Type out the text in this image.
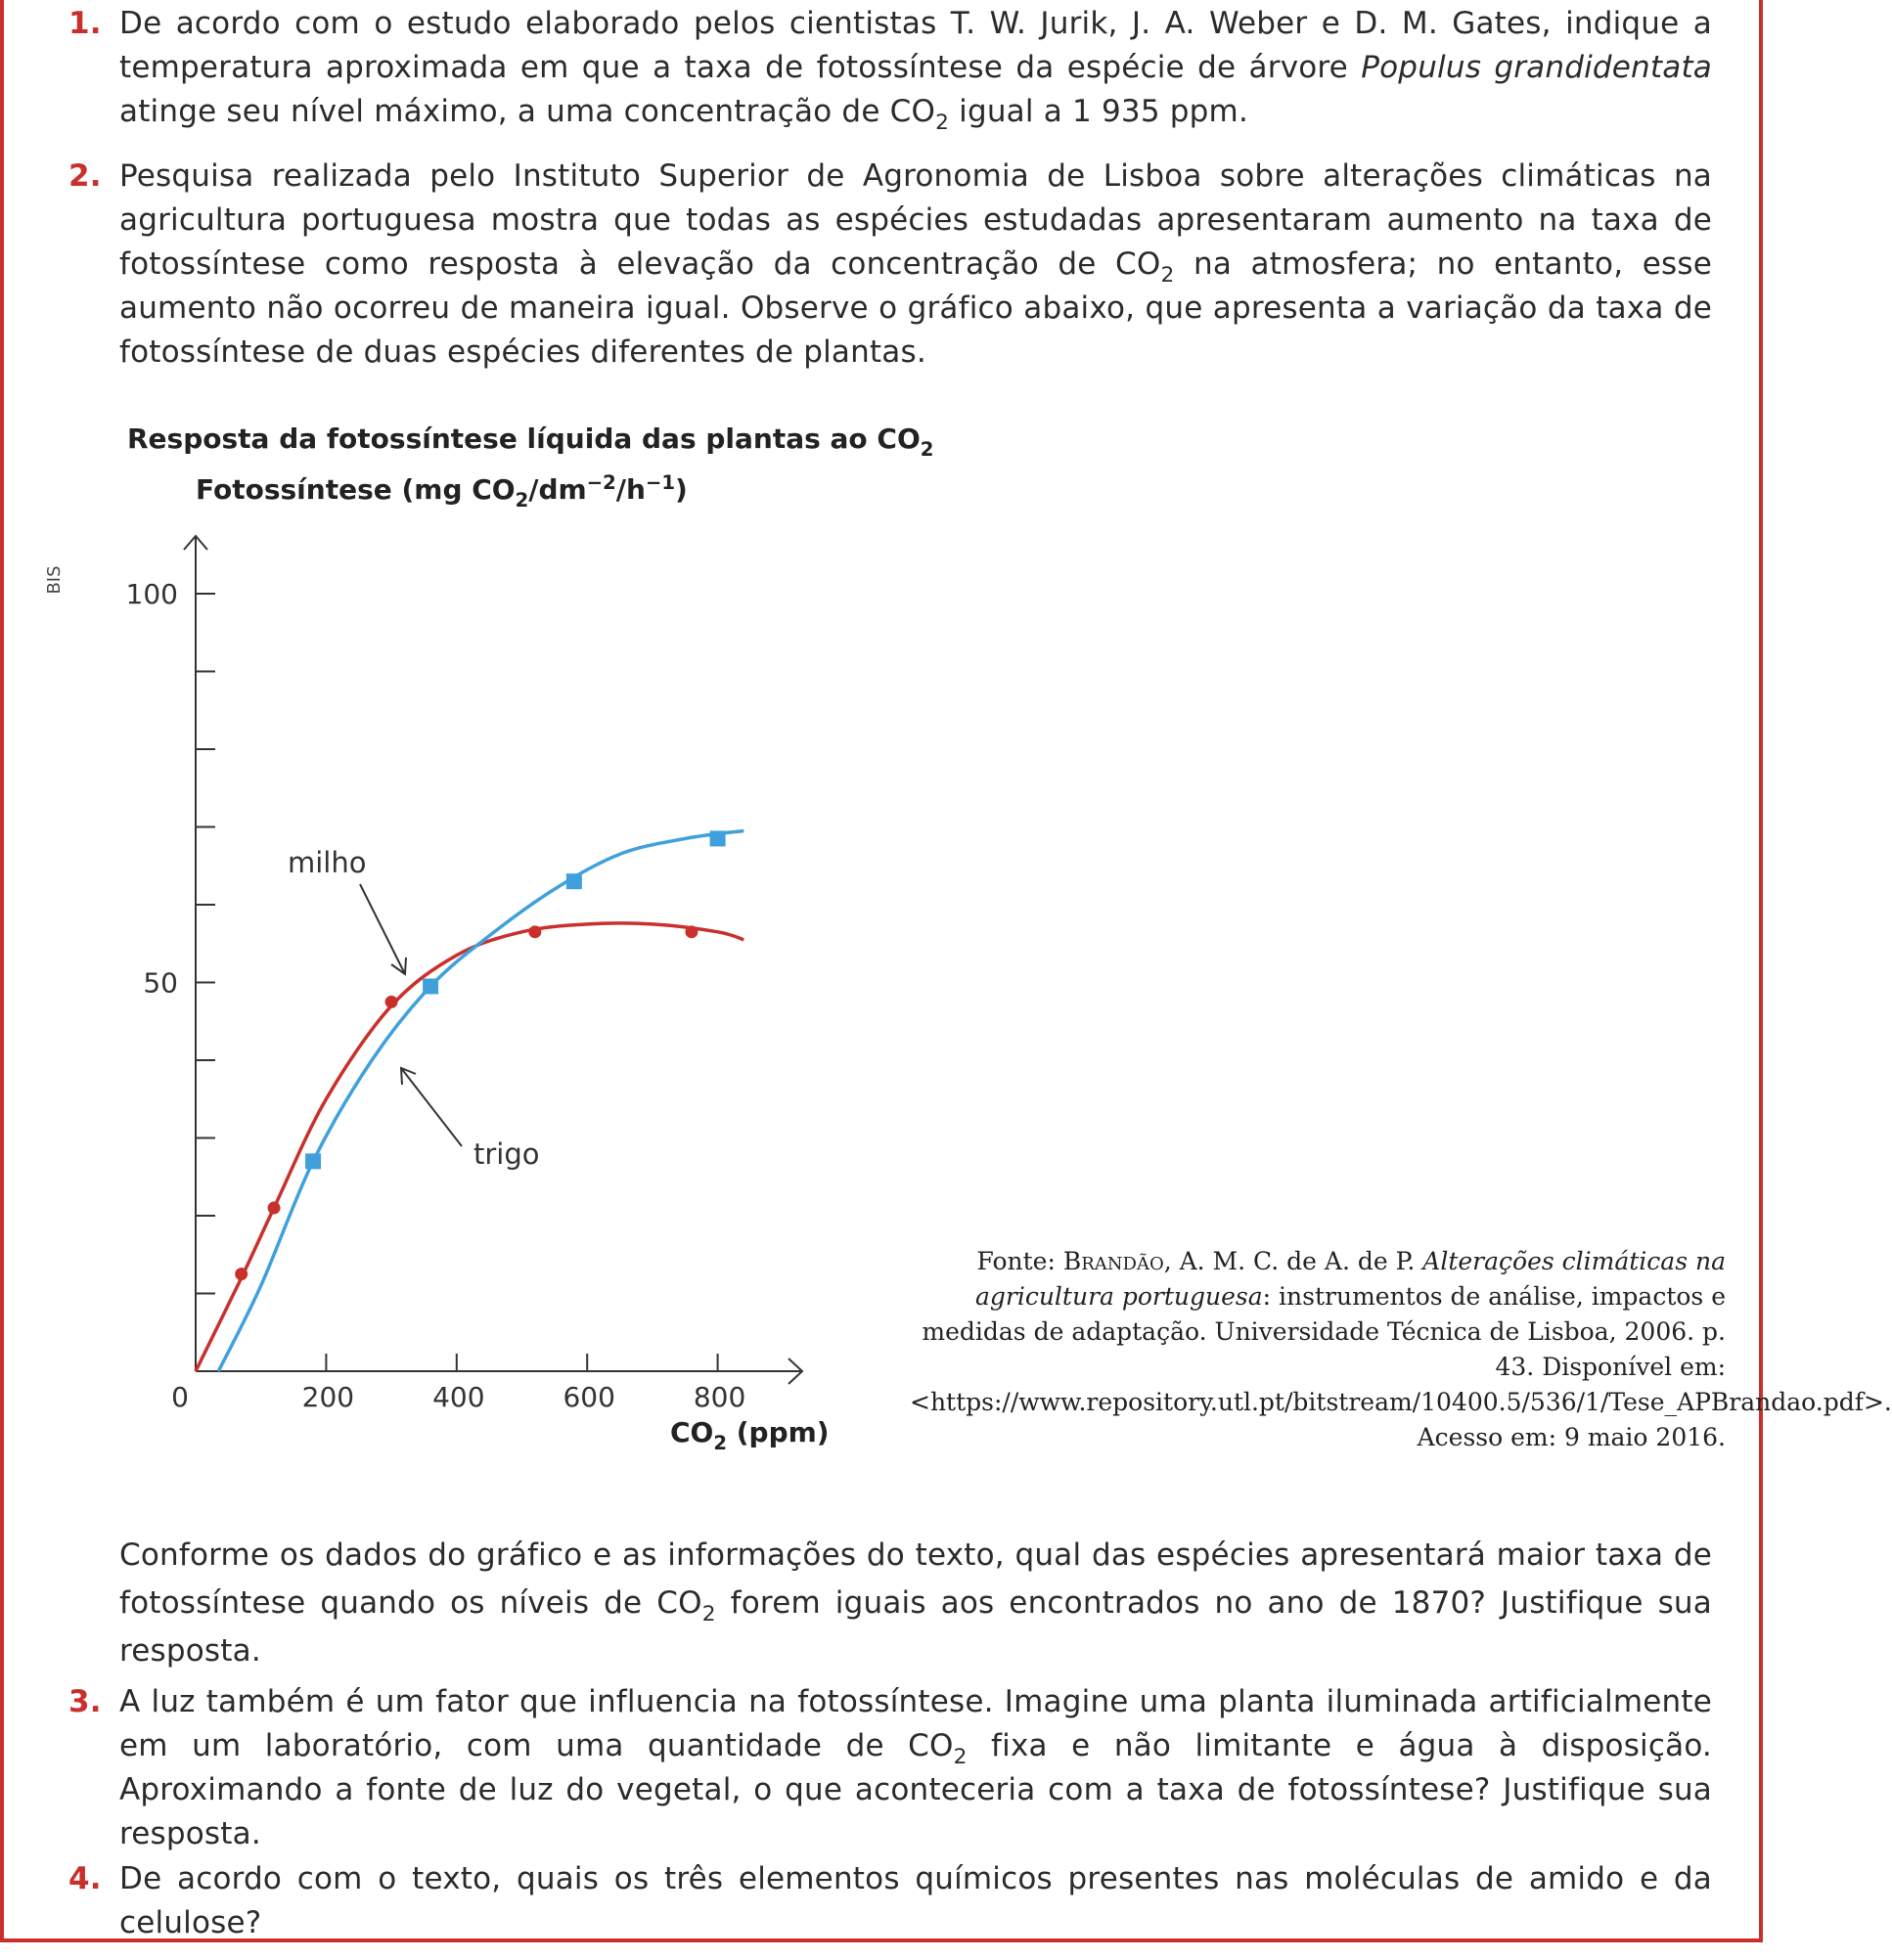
1. De acordo com o estudo elaborado pelos cientistas T. W. Jurik, J. A. Weber e D. M. Gates, indique a temperatura aproximada em que a taxa de fotossíntese da espécie de árvore Populus grandidentata atinge seu nível máximo, a uma concentração de $CO_2$ igual a 1 935 ppm.

2. Pesquisa realizada pelo Instituto Superior de Agronomia de Lisboa sobre alterações climáticas na agricultura portuguesa mostra que todas as espécies estudadas apresentaram aumento na taxa de fotossíntese como resposta à elevação da concentração de $CO_2$ na atmosfera; no entanto, esse aumento não ocorreu de maneira igual. Observe o gráfico abaixo, que apresenta a variação da taxa de fotossíntese de duas espécies diferentes de plantas.

BIS
Resposta da fotossíntese líquida das plantas ao $CO_2$
Fotossíntese (mg $CO_2/dm^{-2}/h^{-1}$)
$CO_2$ (ppm)
50
100
0	200	400	600	800
milho
trigo
Fonte: Brandão, A. M. C. de A. de P. Alterações climáticas na agricultura portuguesa: instrumentos de análise, impactos e medidas de adaptação. Universidade Técnica de Lisboa, 2006. p. 43. Disponível em: <https://www.repository.utl.pt/bitstream/10400.5/536/1/Tese_APBrandao.pdf>. Acesso em: 9 maio 2016.

Conforme os dados do gráfico e as informações do texto, qual das espécies apresentará maior taxa de fotossíntese quando os níveis de $CO_2$ forem iguais aos encontrados no ano de 1870? Justifique sua resposta.

3. A luz também é um fator que influencia na fotossíntese. Imagine uma planta iluminada artificialmente em um laboratório, com uma quantidade de $CO_2$ fixa e não limitante e água à disposição. Aproximando a fonte de luz do vegetal, o que aconteceria com a taxa de fotossíntese? Justifique sua resposta.

4. De acordo com o texto, quais os três elementos químicos presentes nas moléculas de amido e da celulose?
